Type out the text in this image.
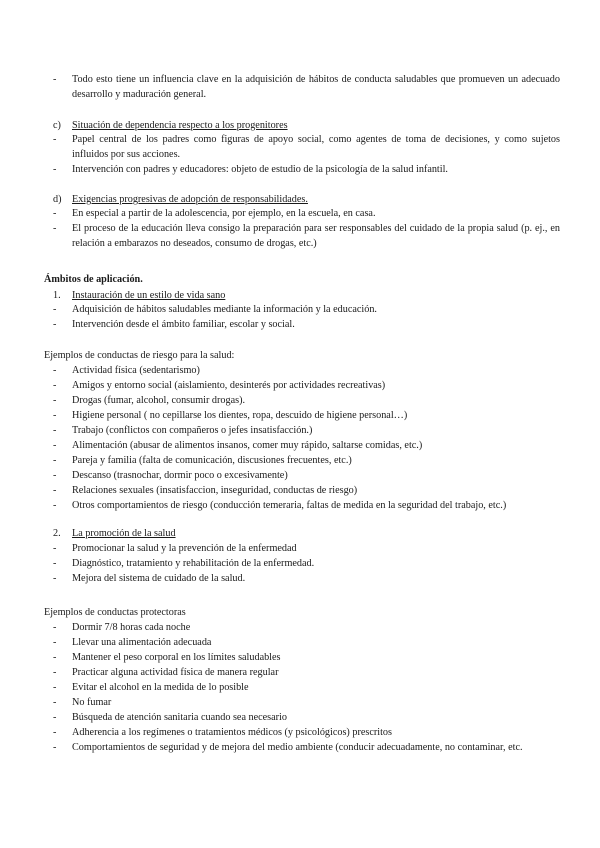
- Todo esto tiene un influencia clave en la adquisición de hábitos de conducta saludables que promueven un adecuado desarrollo y maduración general.
c) Situación de dependencia respecto a los progenitores
- Papel central de los padres como figuras de apoyo social, como agentes de toma de decisiones, y como sujetos influidos por sus acciones.
- Intervención con padres y educadores: objeto de estudio de la psicología de la salud infantil.
d) Exigencias progresivas de adopción de responsabilidades.
- En especial a partir de la adolescencia, por ejemplo, en la escuela, en casa.
- El proceso de la educación lleva consigo la preparación para ser responsables del cuidado de la propia salud (p. ej., en relación a embarazos no deseados, consumo de drogas, etc.)
Ámbitos de aplicación.
1. Instauración de un estilo de vida sano
- Adquisición de hábitos saludables mediante la información y la educación.
- Intervención desde el ámbito familiar, escolar y social.
Ejemplos de conductas de riesgo para la salud:
- Actividad física (sedentarismo)
- Amigos y entorno social (aislamiento, desinterés por actividades recreativas)
- Drogas (fumar, alcohol, consumir drogas).
- Higiene personal ( no cepillarse los dientes, ropa, descuido de higiene personal…)
- Trabajo (conflictos con compañeros o jefes insatisfacción.)
- Alimentación (abusar de alimentos insanos, comer muy rápido, saltarse comidas, etc.)
- Pareja y familia (falta de comunicación, discusiones frecuentes, etc.)
- Descanso (trasnochar, dormir poco o excesivamente)
- Relaciones sexuales (insatisfaccion, inseguridad, conductas de riesgo)
- Otros comportamientos de riesgo (conducción temeraria, faltas de medida en la seguridad del trabajo, etc.)
2. La promoción de la salud
- Promocionar la salud y la prevención de la enfermedad
- Diagnóstico, tratamiento y rehabilitación de la enfermedad.
- Mejora del sistema de cuidado de la salud.
Ejemplos de conductas protectoras
- Dormir 7/8 horas cada noche
- Llevar una alimentación adecuada
- Mantener el peso corporal en los límites saludables
- Practicar alguna actividad física de manera regular
- Evitar el alcohol en la medida de lo posible
- No fumar
- Búsqueda de atención sanitaria cuando sea necesario
- Adherencia a los regímenes o tratamientos médicos (y psicológicos) prescritos
- Comportamientos de seguridad y de mejora del medio ambiente (conducir adecuadamente, no contaminar, etc.
